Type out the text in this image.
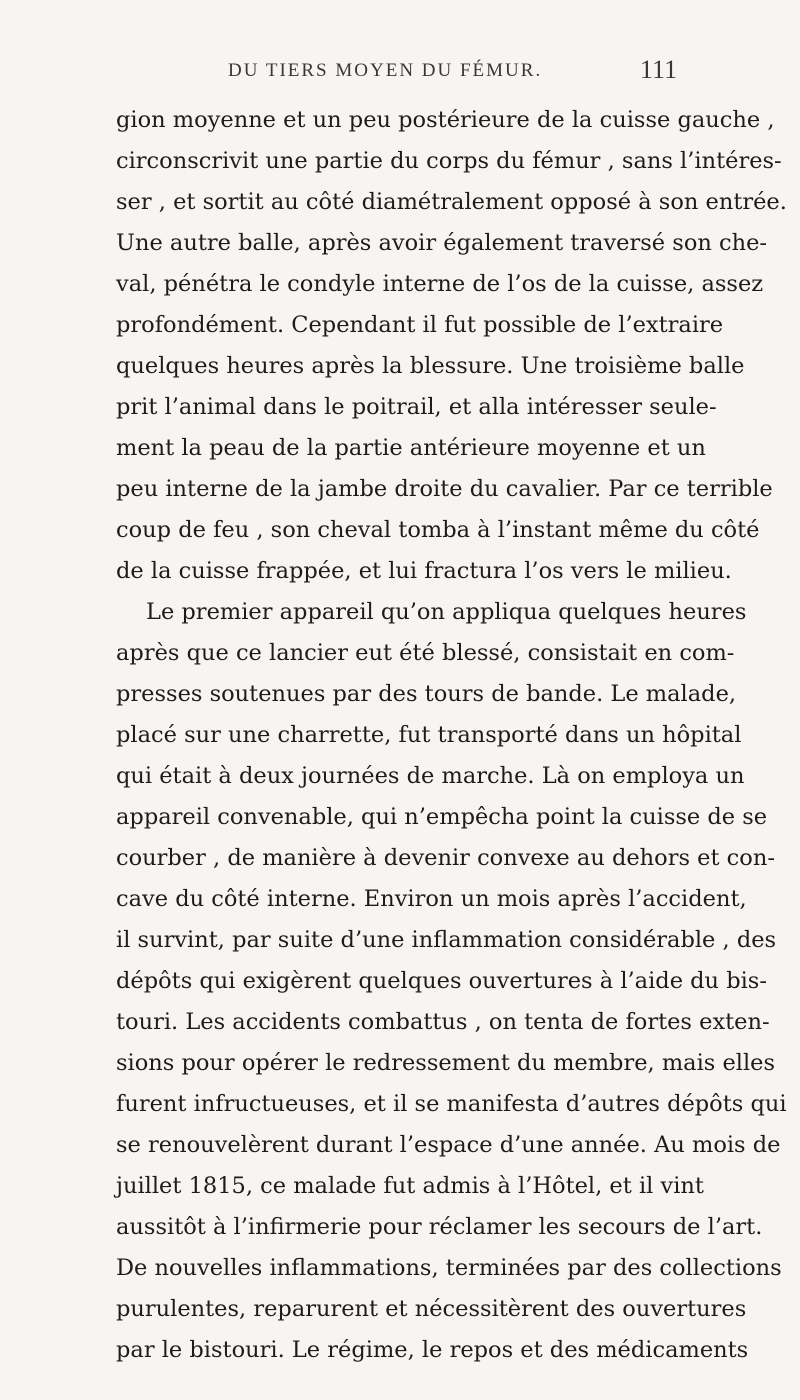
DU TIERS MOYEN DU FÉMUR.	111
gion moyenne et un peu postérieure de la cuisse gauche ,
circonscrivit une partie du corps du fémur , sans l’intéres-
ser , et sortit au côté diamétralement opposé à son entrée.
Une autre balle, après avoir également traversé son che-
val, pénétra le condyle interne de l’os de la cuisse, assez
profondément. Cependant il fut possible de l’extraire
quelques heures après la blessure. Une troisième balle
prit l’animal dans le poitrail, et alla intéresser seule-
ment la peau de la partie antérieure moyenne et un
peu interne de la jambe droite du cavalier. Par ce terrible
coup de feu , son cheval tomba à l’instant même du côté
de la cuisse frappée, et lui fractura l’os vers le milieu.
Le premier appareil qu’on appliqua quelques heures
après que ce lancier eut été blessé, consistait en com-
presses soutenues par des tours de bande. Le malade,
placé sur une charrette, fut transporté dans un hôpital
qui était à deux journées de marche. Là on employa un
appareil convenable, qui n’empêcha point la cuisse de se
courber , de manière à devenir convexe au dehors et con-
cave du côté interne. Environ un mois après l’accident,
il survint, par suite d’une inflammation considérable , des
dépôts qui exigèrent quelques ouvertures à l’aide du bis-
touri. Les accidents combattus , on tenta de fortes exten-
sions pour opérer le redressement du membre, mais elles
furent infructueuses, et il se manifesta d’autres dépôts qui
se renouvelèrent durant l’espace d’une année. Au mois de
juillet 1815, ce malade fut admis à l’Hôtel, et il vint
aussitôt à l’infirmerie pour réclamer les secours de l’art.
De nouvelles inflammations, terminées par des collections
purulentes, reparurent et nécessitèrent des ouvertures
par le bistouri. Le régime, le repos et des médicaments
